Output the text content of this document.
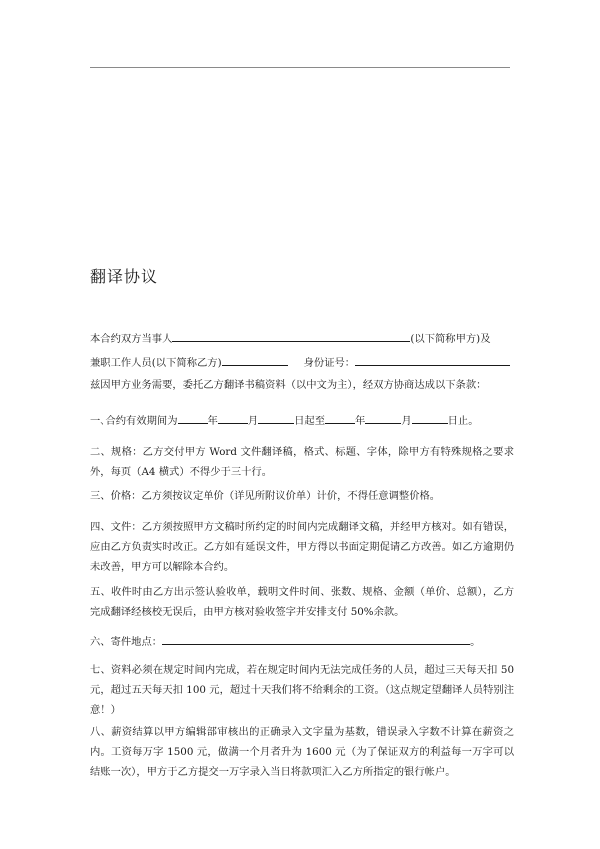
翻译协议
本合约双方当事人	(以下简称甲方)及
兼职工作人员(以下简称乙方)	身份证号：
兹因甲方业务需要，委托乙方翻译书稿资料（以中文为主），经双方协商达成以下条款：
一､合约有效期间为	年	月	日起至	年	月	日止。
二、规格：乙方交付甲方 Word 文件翻译稿，格式、标题、字体，除甲方有特殊规格之要求外，每页（A4 横式）不得少于三十行。
三、价格：乙方须按议定单价（详见所附议价单）计价，不得任意调整价格。
四、文件：乙方须按照甲方文稿时所约定的时间内完成翻译文稿，并经甲方核对。如有错误，应由乙方负责实时改正。乙方如有延误文件，甲方得以书面定期促请乙方改善。如乙方逾期仍未改善，甲方可以解除本合约。
五、收件时由乙方出示签认验收单，载明文件时间、张数、规格、金额（单价、总额），乙方完成翻译经核校无误后，由甲方核对验收签字并安排支付 50%余款。
六、寄件地点：	。
七、资料必须在规定时间内完成，若在规定时间内无法完成任务的人员，超过三天每天扣 50 元，超过五天每天扣 100 元，超过十天我们将不给剩余的工资。（这点规定望翻译人员特别注意！）
八、薪资结算以甲方编辑部审核出的正确录入文字量为基数，错误录入字数不计算在薪资之内。工资每万字 1500 元，做满一个月者升为 1600 元（为了保证双方的利益每一万字可以结账一次），甲方于乙方提交一万字录入当日将款项汇入乙方所指定的银行帐户。
